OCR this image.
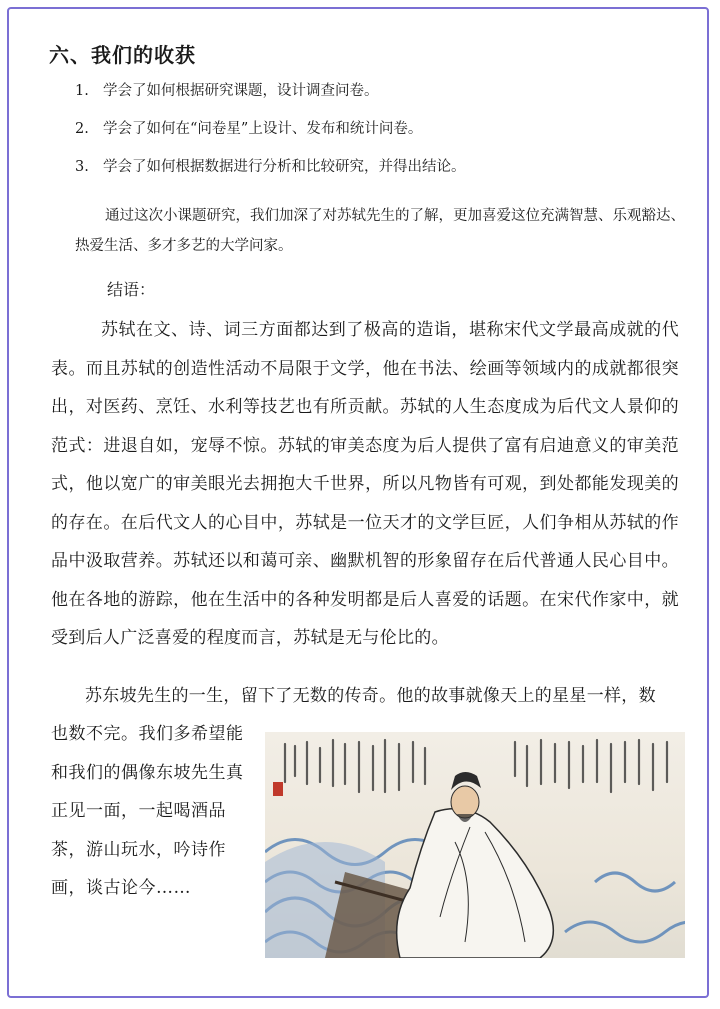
六、我们的收获
1. 学会了如何根据研究课题，设计调查问卷。
2. 学会了如何在“问卷星”上设计、发布和统计问卷。
3. 学会了如何根据数据进行分析和比较研究，并得出结论。
通过这次小课题研究，我们加深了对苏轼先生的了解，更加喜爱这位充满智慧、乐观豁达、热爱生活、多才多艺的大学问家。
结语：
苏轼在文、诗、词三方面都达到了极高的造诣，堪称宋代文学最高成就的代表。而且苏轼的创造性活动不局限于文学，他在书法、绘画等领域内的成就都很突出，对医药、烹饪、水利等技艺也有所贡献。苏轼的人生态度成为后代文人景仰的范式：进退自如，宠辱不惊。苏轼的审美态度为后人提供了富有启迪意义的审美范式，他以宽广的审美眼光去拥抱大千世界，所以凡物皆有可观，到处都能发现美的的存在。在后代文人的心目中，苏轼是一位天才的文学巨匠，人们争相从苏轼的作品中汲取营养。苏轼还以和蔼可亲、幽默机智的形象留存在后代普通人民心目中。他在各地的游踪，他在生活中的各种发明都是后人喜爱的话题。在宋代作家中，就受到后人广泛喜爱的程度而言，苏轼是无与伦比的。
苏东坡先生的一生，留下了无数的传奇。他的故事就像天上的星星一样，数
也数不完。我们多希望能和我们的偶像东坡先生真正见一面，一起喝酒品茶，游山玩水，吟诗作画，谈古论今……
